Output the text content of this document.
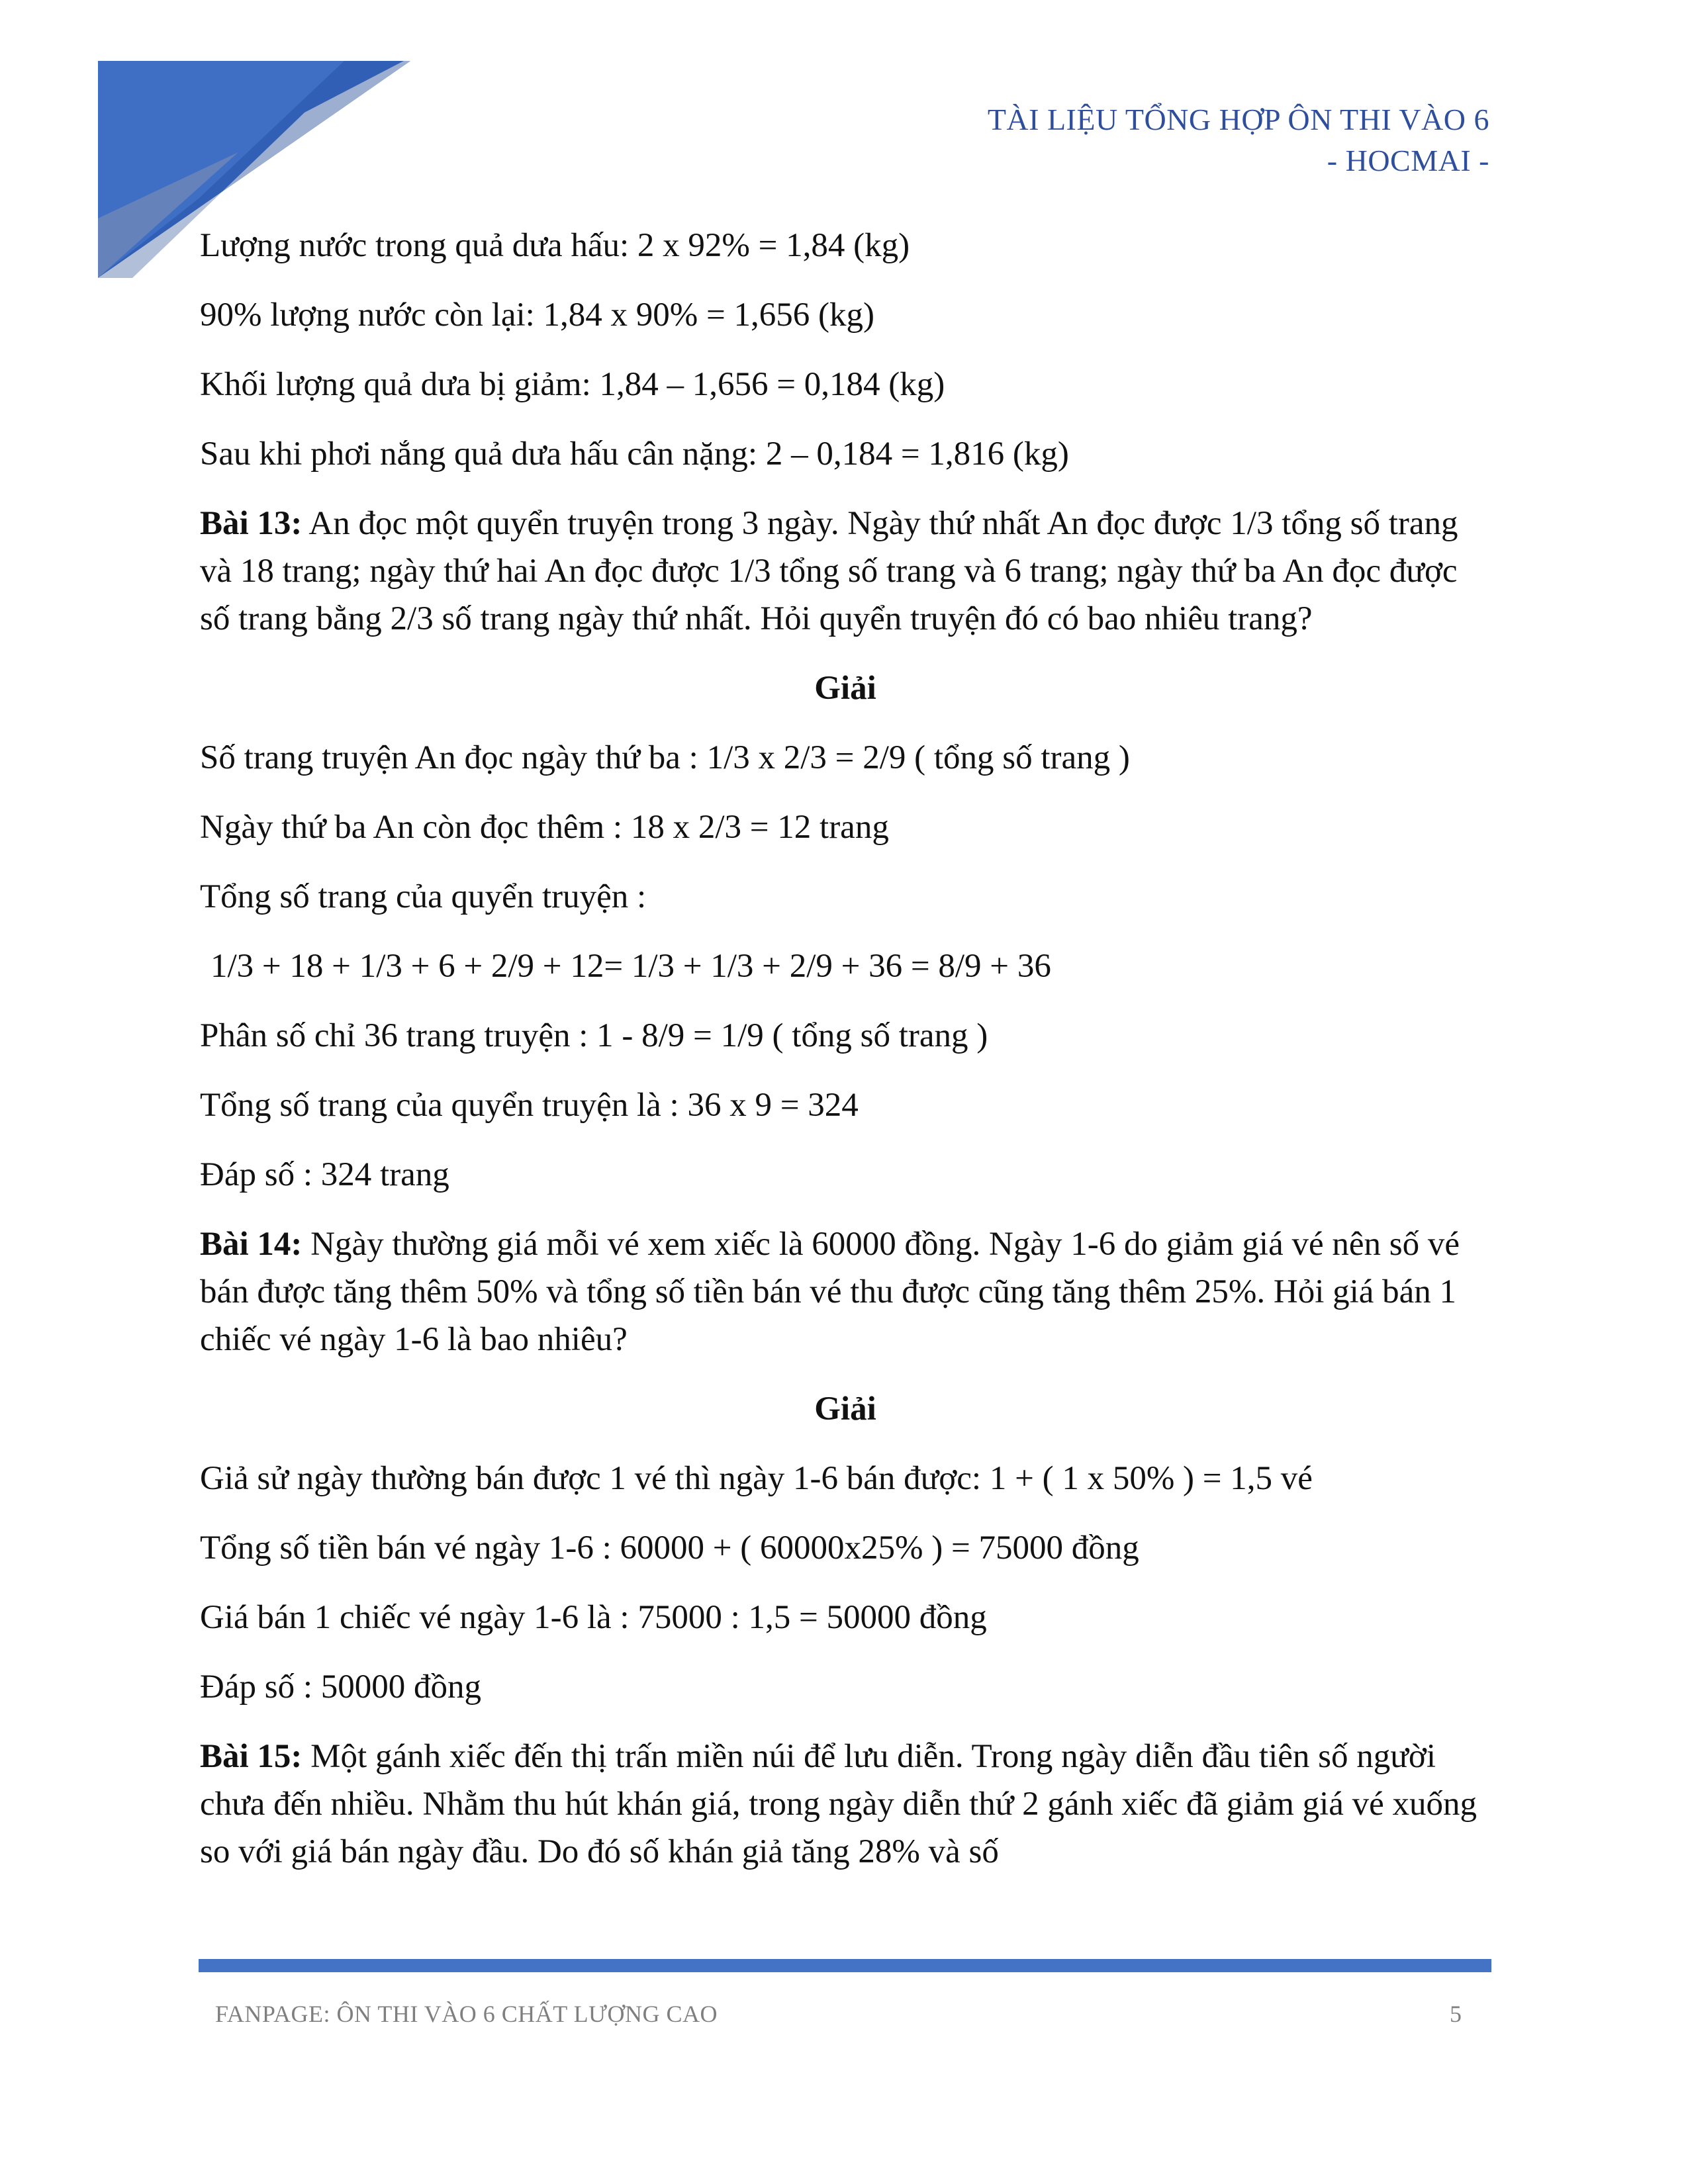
TÀI LIỆU TỔNG HỢP ÔN THI VÀO 6
- HOCMAI -
Lượng nước trong quả dưa hấu: 2 x 92% = 1,84 (kg)
90% lượng nước còn lại: 1,84 x 90% = 1,656 (kg)
Khối lượng quả dưa bị giảm: 1,84 – 1,656 = 0,184 (kg)
Sau khi phơi nắng quả dưa hấu cân nặng: 2 – 0,184 = 1,816 (kg)
Bài 13: An đọc một quyển truyện trong 3 ngày. Ngày thứ nhất An đọc được 1/3 tổng số trang và 18 trang; ngày thứ hai An đọc được 1/3 tổng số trang và 6 trang; ngày thứ ba An đọc được số trang bằng 2/3 số trang ngày thứ nhất. Hỏi quyển truyện đó có bao nhiêu trang?
Giải
Số trang truyện An đọc ngày thứ ba : 1/3 x 2/3 = 2/9 ( tổng số trang )
Ngày thứ ba An còn đọc thêm : 18 x 2/3 = 12 trang
Tổng số trang của quyển truyện :
1/3 + 18 + 1/3 + 6 + 2/9 + 12= 1/3 + 1/3 + 2/9 + 36 = 8/9 + 36
Phân số chỉ 36 trang truyện : 1 - 8/9 = 1/9 ( tổng số trang )
Tổng số trang của quyển truyện là : 36 x 9 = 324
Đáp số : 324 trang
Bài 14: Ngày thường giá mỗi vé xem xiếc là 60000 đồng. Ngày 1-6 do giảm giá vé nên số vé bán được tăng thêm 50% và tổng số tiền bán vé thu được cũng tăng thêm 25%. Hỏi giá bán 1 chiếc vé ngày 1-6 là bao nhiêu?
Giải
Giả sử ngày thường bán được 1 vé thì ngày 1-6 bán được: 1 + ( 1 x 50% ) = 1,5 vé
Tổng số tiền bán vé ngày 1-6 : 60000 + ( 60000x25% ) = 75000 đồng
Giá bán 1 chiếc vé ngày 1-6 là : 75000 : 1,5 = 50000 đồng
Đáp số : 50000 đồng
Bài 15: Một gánh xiếc đến thị trấn miền núi để lưu diễn. Trong ngày diễn đầu tiên số người chưa đến nhiều. Nhằm thu hút khán giá, trong ngày diễn thứ 2 gánh xiếc đã giảm giá vé xuống so với giá bán ngày đầu. Do đó số khán giả tăng 28% và số
FANPAGE: ÔN THI VÀO 6 CHẤT LƯỢNG CAO	5
